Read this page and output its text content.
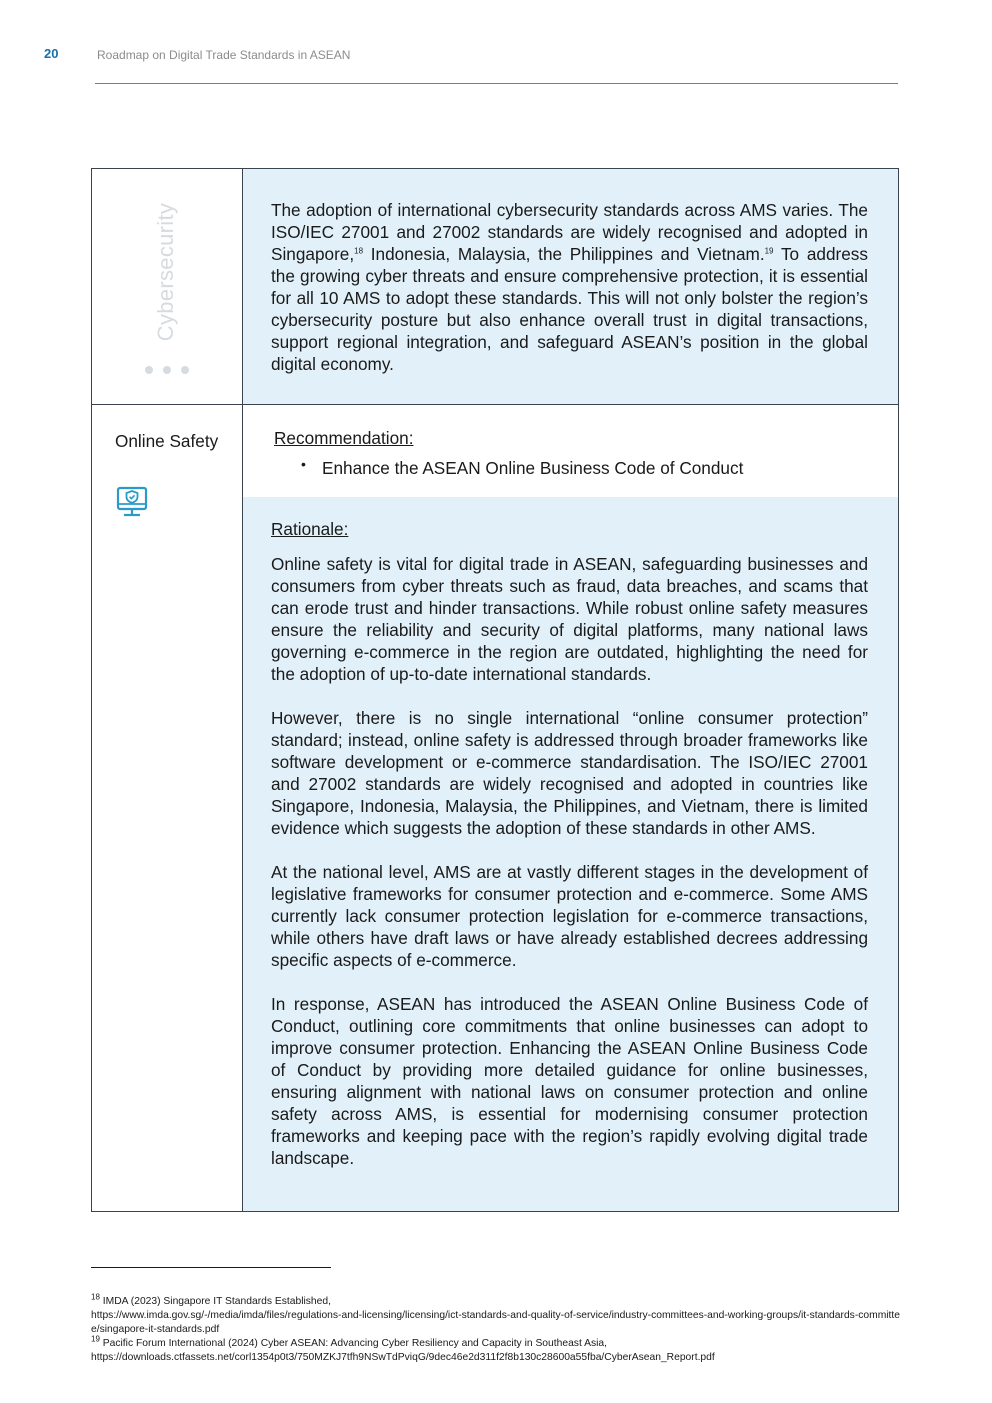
20	Roadmap on Digital Trade Standards in ASEAN
Cybersecurity	The adoption of international cybersecurity standards across AMS varies. The ISO/IEC 27001 and 27002 standards are widely recognised and adopted in Singapore,$^{18}$ Indonesia, Malaysia, the Philippines and Vietnam.$^{19}$ To address the growing cyber threats and ensure comprehensive protection, it is essential for all 10 AMS to adopt these standards. This will not only bolster the region’s cybersecurity posture but also enhance overall trust in digital transactions, support regional integration, and safeguard ASEAN’s position in the global digital economy.

Online Safety	Recommendation:
• Enhance the ASEAN Online Business Code of Conduct
Rationale:

Online safety is vital for digital trade in ASEAN, safeguarding businesses and consumers from cyber threats such as fraud, data breaches, and scams that can erode trust and hinder transactions. While robust online safety measures ensure the reliability and security of digital platforms, many national laws governing e-commerce in the region are outdated, highlighting the need for the adoption of up-to-date international standards.

However, there is no single international “online consumer protection” standard; instead, online safety is addressed through broader frameworks like software development or e-commerce standardisation. The ISO/IEC 27001 and 27002 standards are widely recognised and adopted in countries like Singapore, Indonesia, Malaysia, the Philippines, and Vietnam, there is limited evidence which suggests the adoption of these standards in other AMS.

At the national level, AMS are at vastly different stages in the development of legislative frameworks for consumer protection and e-commerce. Some AMS currently lack consumer protection legislation for e-commerce transactions, while others have draft laws or have already established decrees addressing specific aspects of e-commerce.

In response, ASEAN has introduced the ASEAN Online Business Code of Conduct, outlining core commitments that online businesses can adopt to improve consumer protection. Enhancing the ASEAN Online Business Code of Conduct by providing more detailed guidance for online businesses, ensuring alignment with national laws on consumer protection and online safety across AMS, is essential for modernising consumer protection frameworks and keeping pace with the region’s rapidly evolving digital trade landscape.

$^{18}$ IMDA (2023) Singapore IT Standards Established,
https://www.imda.gov.sg/-/media/imda/files/regulations-and-licensing/licensing/ict-standards-and-quality-of-service/industry-committees-and-working-groups/it-standards-committee/singapore-it-standards.pdf
$^{19}$ Pacific Forum International (2024) Cyber ASEAN: Advancing Cyber Resiliency and Capacity in Southeast Asia,
https://downloads.ctfassets.net/corl1354p0t3/750MZKJ7tfh9NSwTdPviqG/9dec46e2d311f2f8b130c28600a55fba/CyberAsean_Report.pdf
